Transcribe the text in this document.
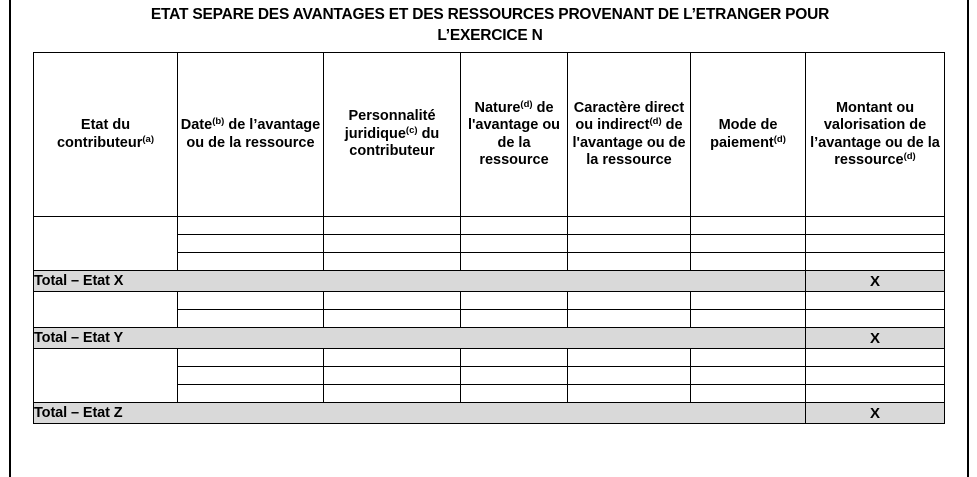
ETAT SEPARE DES AVANTAGES ET DES RESSOURCES PROVENANT DE L’ETRANGER POUR
L’EXERCICE N
Etat du contributeur$^{(a)}$	Date$^{(b)}$ de l’avantage ou de la ressource	Personnalité juridique$^{(c)}$ du contributeur	Nature$^{(d)}$ de l'avantage ou de la ressource	Caractère direct ou indirect$^{(d)}$ de l'avantage ou de la ressource	Mode de paiement$^{(d)}$	Montant ou valorisation de l’avantage ou de la ressource$^{(d)}$

Total – Etat X						X

Total – Etat Y						X

Total – Etat Z						X
